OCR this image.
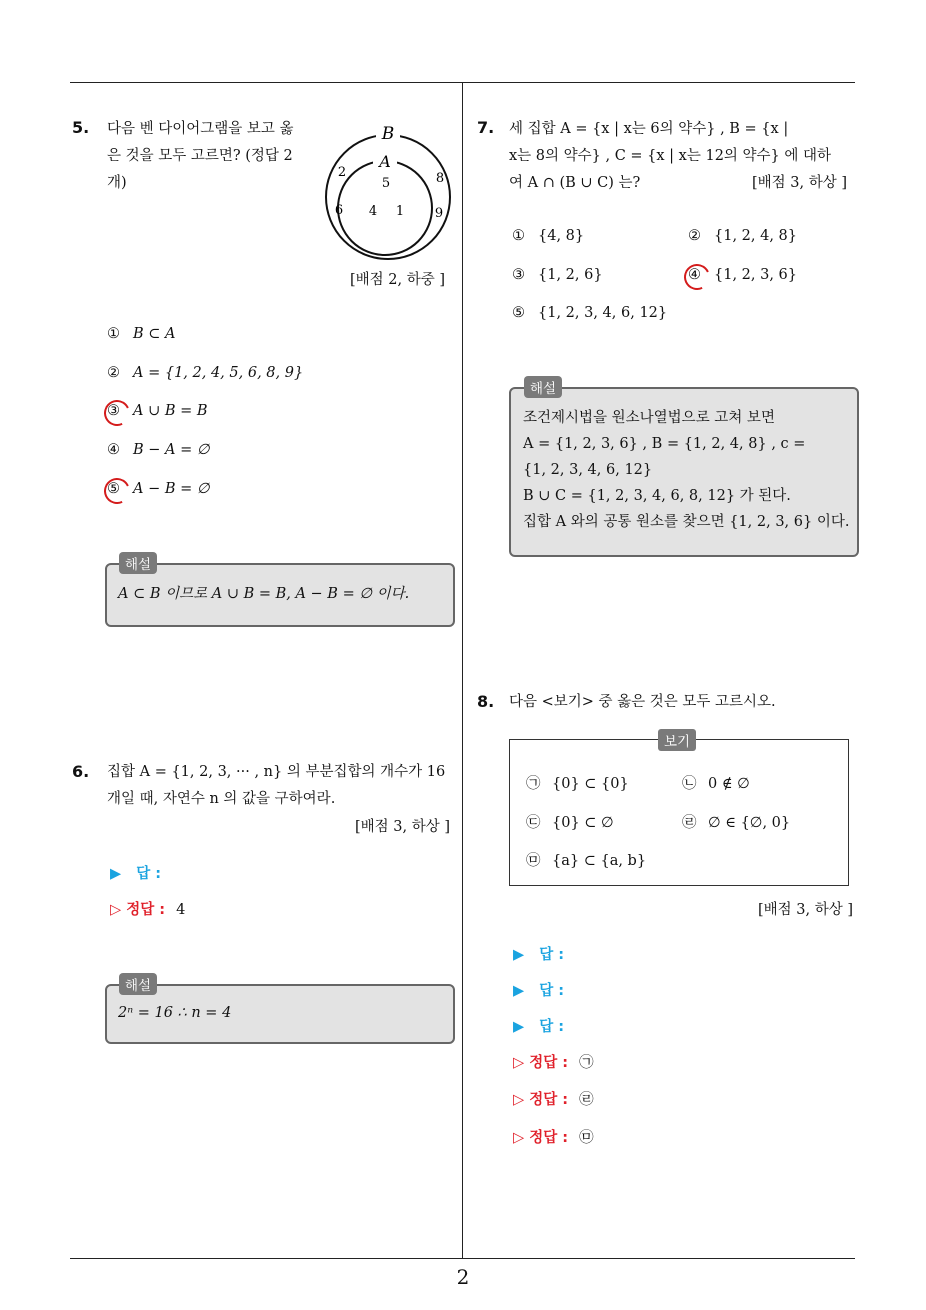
5. 다음 벤 다이어그램을 보고 옳
은 것을 모두 고르면? (정답 2
개)
B
A
5
4 1
2
6
8
9
[배점 2, 하중 ]
① B ⊂ A
② A = {1, 2, 4, 5, 6, 8, 9}
③ A ∪ B = B
④ B − A = ∅
⑤ A − B = ∅
해설
A ⊂ B 이므로 A ∪ B = B, A − B = ∅ 이다.
6. 집합 A = {1, 2, 3, ··· , n} 의 부분집합의 개수가 16
개일 때, 자연수 n 의 값을 구하여라.
[배점 3, 하상 ]
▶ 답 :
▷ 정답 : 4
해설
2ⁿ = 16 ∴ n = 4
7. 세 집합 A = {x | x는 6의 약수} , B = {x |
x는 8의 약수} , C = {x | x는 12의 약수} 에 대하
여 A ∩ (B ∪ C) 는?	[배점 3, 하상 ]
① {4, 8}	② {1, 2, 4, 8}
③ {1, 2, 6}	④ {1, 2, 3, 6}
⑤ {1, 2, 3, 4, 6, 12}
해설
조건제시법을 원소나열법으로 고쳐 보면
A = {1, 2, 3, 6} , B = {1, 2, 4, 8} , c =
{1, 2, 3, 4, 6, 12}
B ∪ C = {1, 2, 3, 4, 6, 8, 12} 가 된다.
집합 A 와의 공통 원소를 찾으면 {1, 2, 3, 6} 이다.
8. 다음 <보기> 중 옳은 것은 모두 고르시오.
보기
㉠ {0} ⊂ {0}	㉡ 0 ∉ ∅
㉢ {0} ⊂ ∅	㉣ ∅ ∈ {∅, 0}
㉤ {a} ⊂ {a, b}
[배점 3, 하상 ]
▶ 답 :
▶ 답 :
▶ 답 :
▷ 정답 : ㉠
▷ 정답 : ㉣
▷ 정답 : ㉤
2
